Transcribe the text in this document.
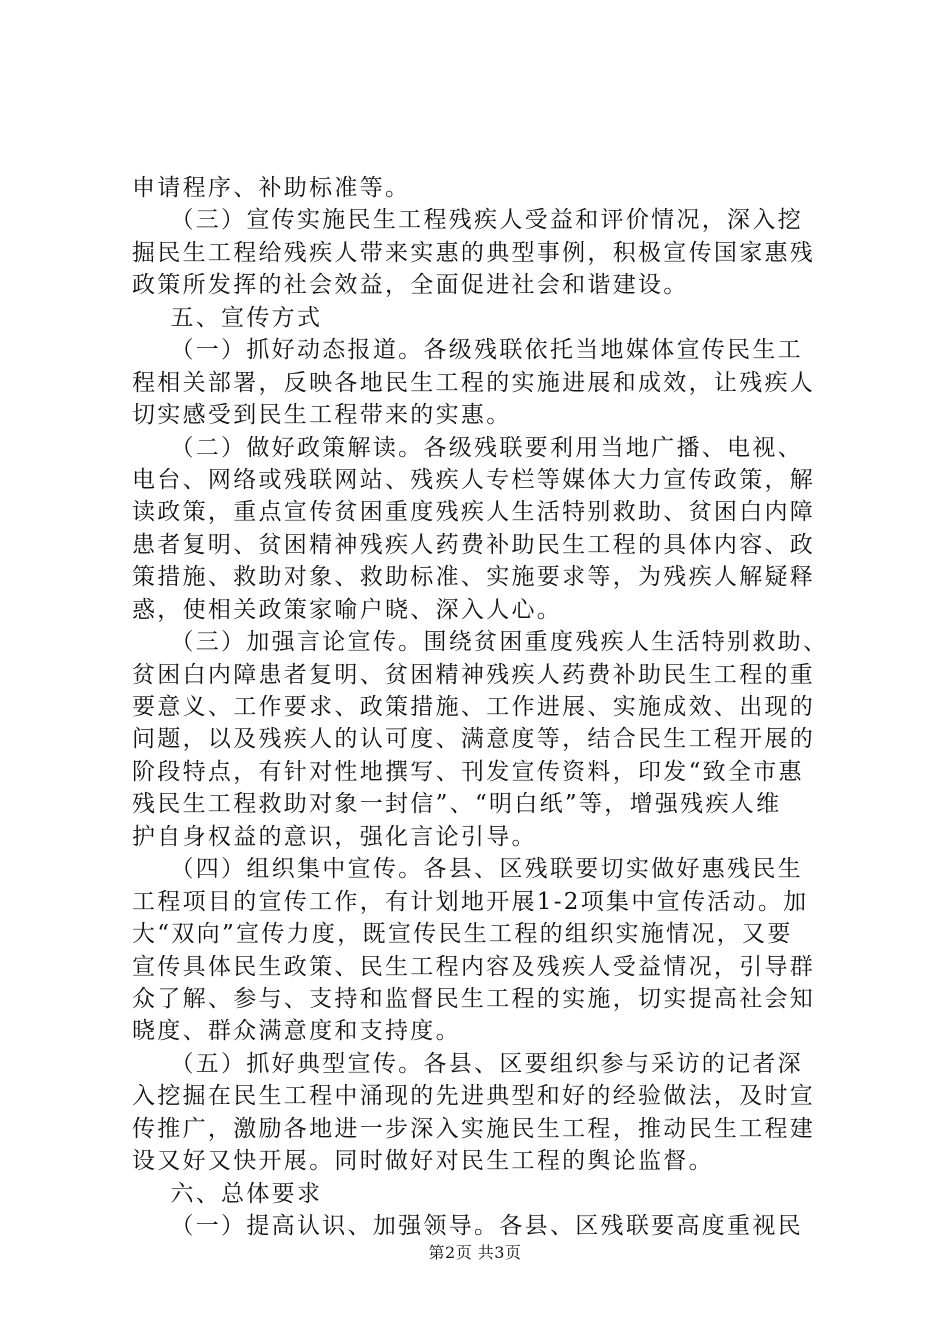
申请程序、补助标准等。
（三）宣传实施民生工程残疾人受益和评价情况，深入挖
掘民生工程给残疾人带来实惠的典型事例，积极宣传国家惠残
政策所发挥的社会效益，全面促进社会和谐建设。
五、宣传方式
（一）抓好动态报道。各级残联依托当地媒体宣传民生工
程相关部署，反映各地民生工程的实施进展和成效，让残疾人
切实感受到民生工程带来的实惠。
（二）做好政策解读。各级残联要利用当地广播、电视、
电台、网络或残联网站、残疾人专栏等媒体大力宣传政策，解
读政策，重点宣传贫困重度残疾人生活特别救助、贫困白内障
患者复明、贫困精神残疾人药费补助民生工程的具体内容、政
策措施、救助对象、救助标准、实施要求等，为残疾人解疑释
惑，使相关政策家喻户晓、深入人心。
（三）加强言论宣传。围绕贫困重度残疾人生活特别救助、
贫困白内障患者复明、贫困精神残疾人药费补助民生工程的重
要意义、工作要求、政策措施、工作进展、实施成效、出现的
问题，以及残疾人的认可度、满意度等，结合民生工程开展的
阶段特点，有针对性地撰写、刊发宣传资料，印发“致全市惠
残民生工程救助对象一封信”、“明白纸”等，增强残疾人维
护自身权益的意识，强化言论引导。
（四）组织集中宣传。各县、区残联要切实做好惠残民生
工程项目的宣传工作，有计划地开展1-2项集中宣传活动。加
大“双向”宣传力度，既宣传民生工程的组织实施情况，又要
宣传具体民生政策、民生工程内容及残疾人受益情况，引导群
众了解、参与、支持和监督民生工程的实施，切实提高社会知
晓度、群众满意度和支持度。
（五）抓好典型宣传。各县、区要组织参与采访的记者深
入挖掘在民生工程中涌现的先进典型和好的经验做法，及时宣
传推广，激励各地进一步深入实施民生工程，推动民生工程建
设又好又快开展。同时做好对民生工程的舆论监督。
六、总体要求
（一）提高认识、加强领导。各县、区残联要高度重视民
第2页 共3页
